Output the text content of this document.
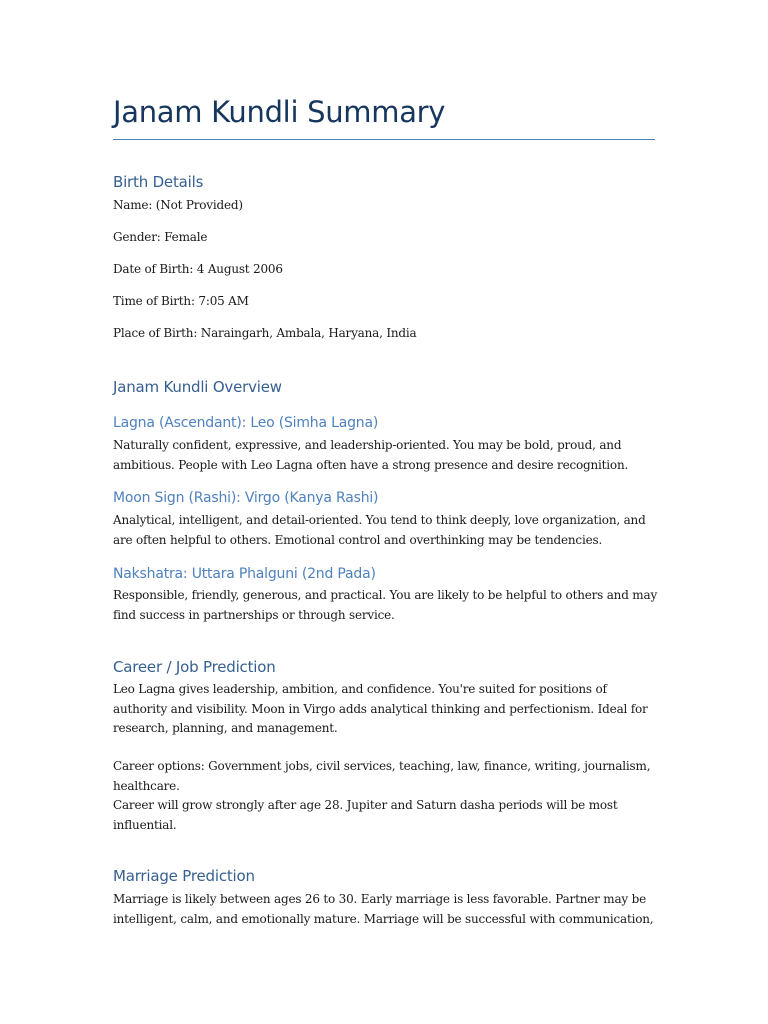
Janam Kundli Summary
Birth Details

Name: (Not Provided)

Gender: Female

Date of Birth: 4 August 2006

Time of Birth: 7:05 AM

Place of Birth: Naraingarh, Ambala, Haryana, India

Janam Kundli Overview
Lagna (Ascendant): Leo (Simha Lagna)

Naturally confident, expressive, and leadership-oriented. You may be bold, proud, and
ambitious. People with Leo Lagna often have a strong presence and desire recognition.

Moon Sign (Rashi): Virgo (Kanya Rashi)

Analytical, intelligent, and detail-oriented. You tend to think deeply, love organization, and
are often helpful to others. Emotional control and overthinking may be tendencies.

Nakshatra: Uttara Phalguni (2nd Pada)

Responsible, friendly, generous, and practical. You are likely to be helpful to others and may
find success in partnerships or through service.

Career / Job Prediction

Leo Lagna gives leadership, ambition, and confidence. You're suited for positions of
authority and visibility. Moon in Virgo adds analytical thinking and perfectionism. Ideal for
research, planning, and management.

Career options: Government jobs, civil services, teaching, law, finance, writing, journalism,
healthcare.
Career will grow strongly after age 28. Jupiter and Saturn dasha periods will be most
influential.

Marriage Prediction

Marriage is likely between ages 26 to 30. Early marriage is less favorable. Partner may be
intelligent, calm, and emotionally mature. Marriage will be successful with communication,
